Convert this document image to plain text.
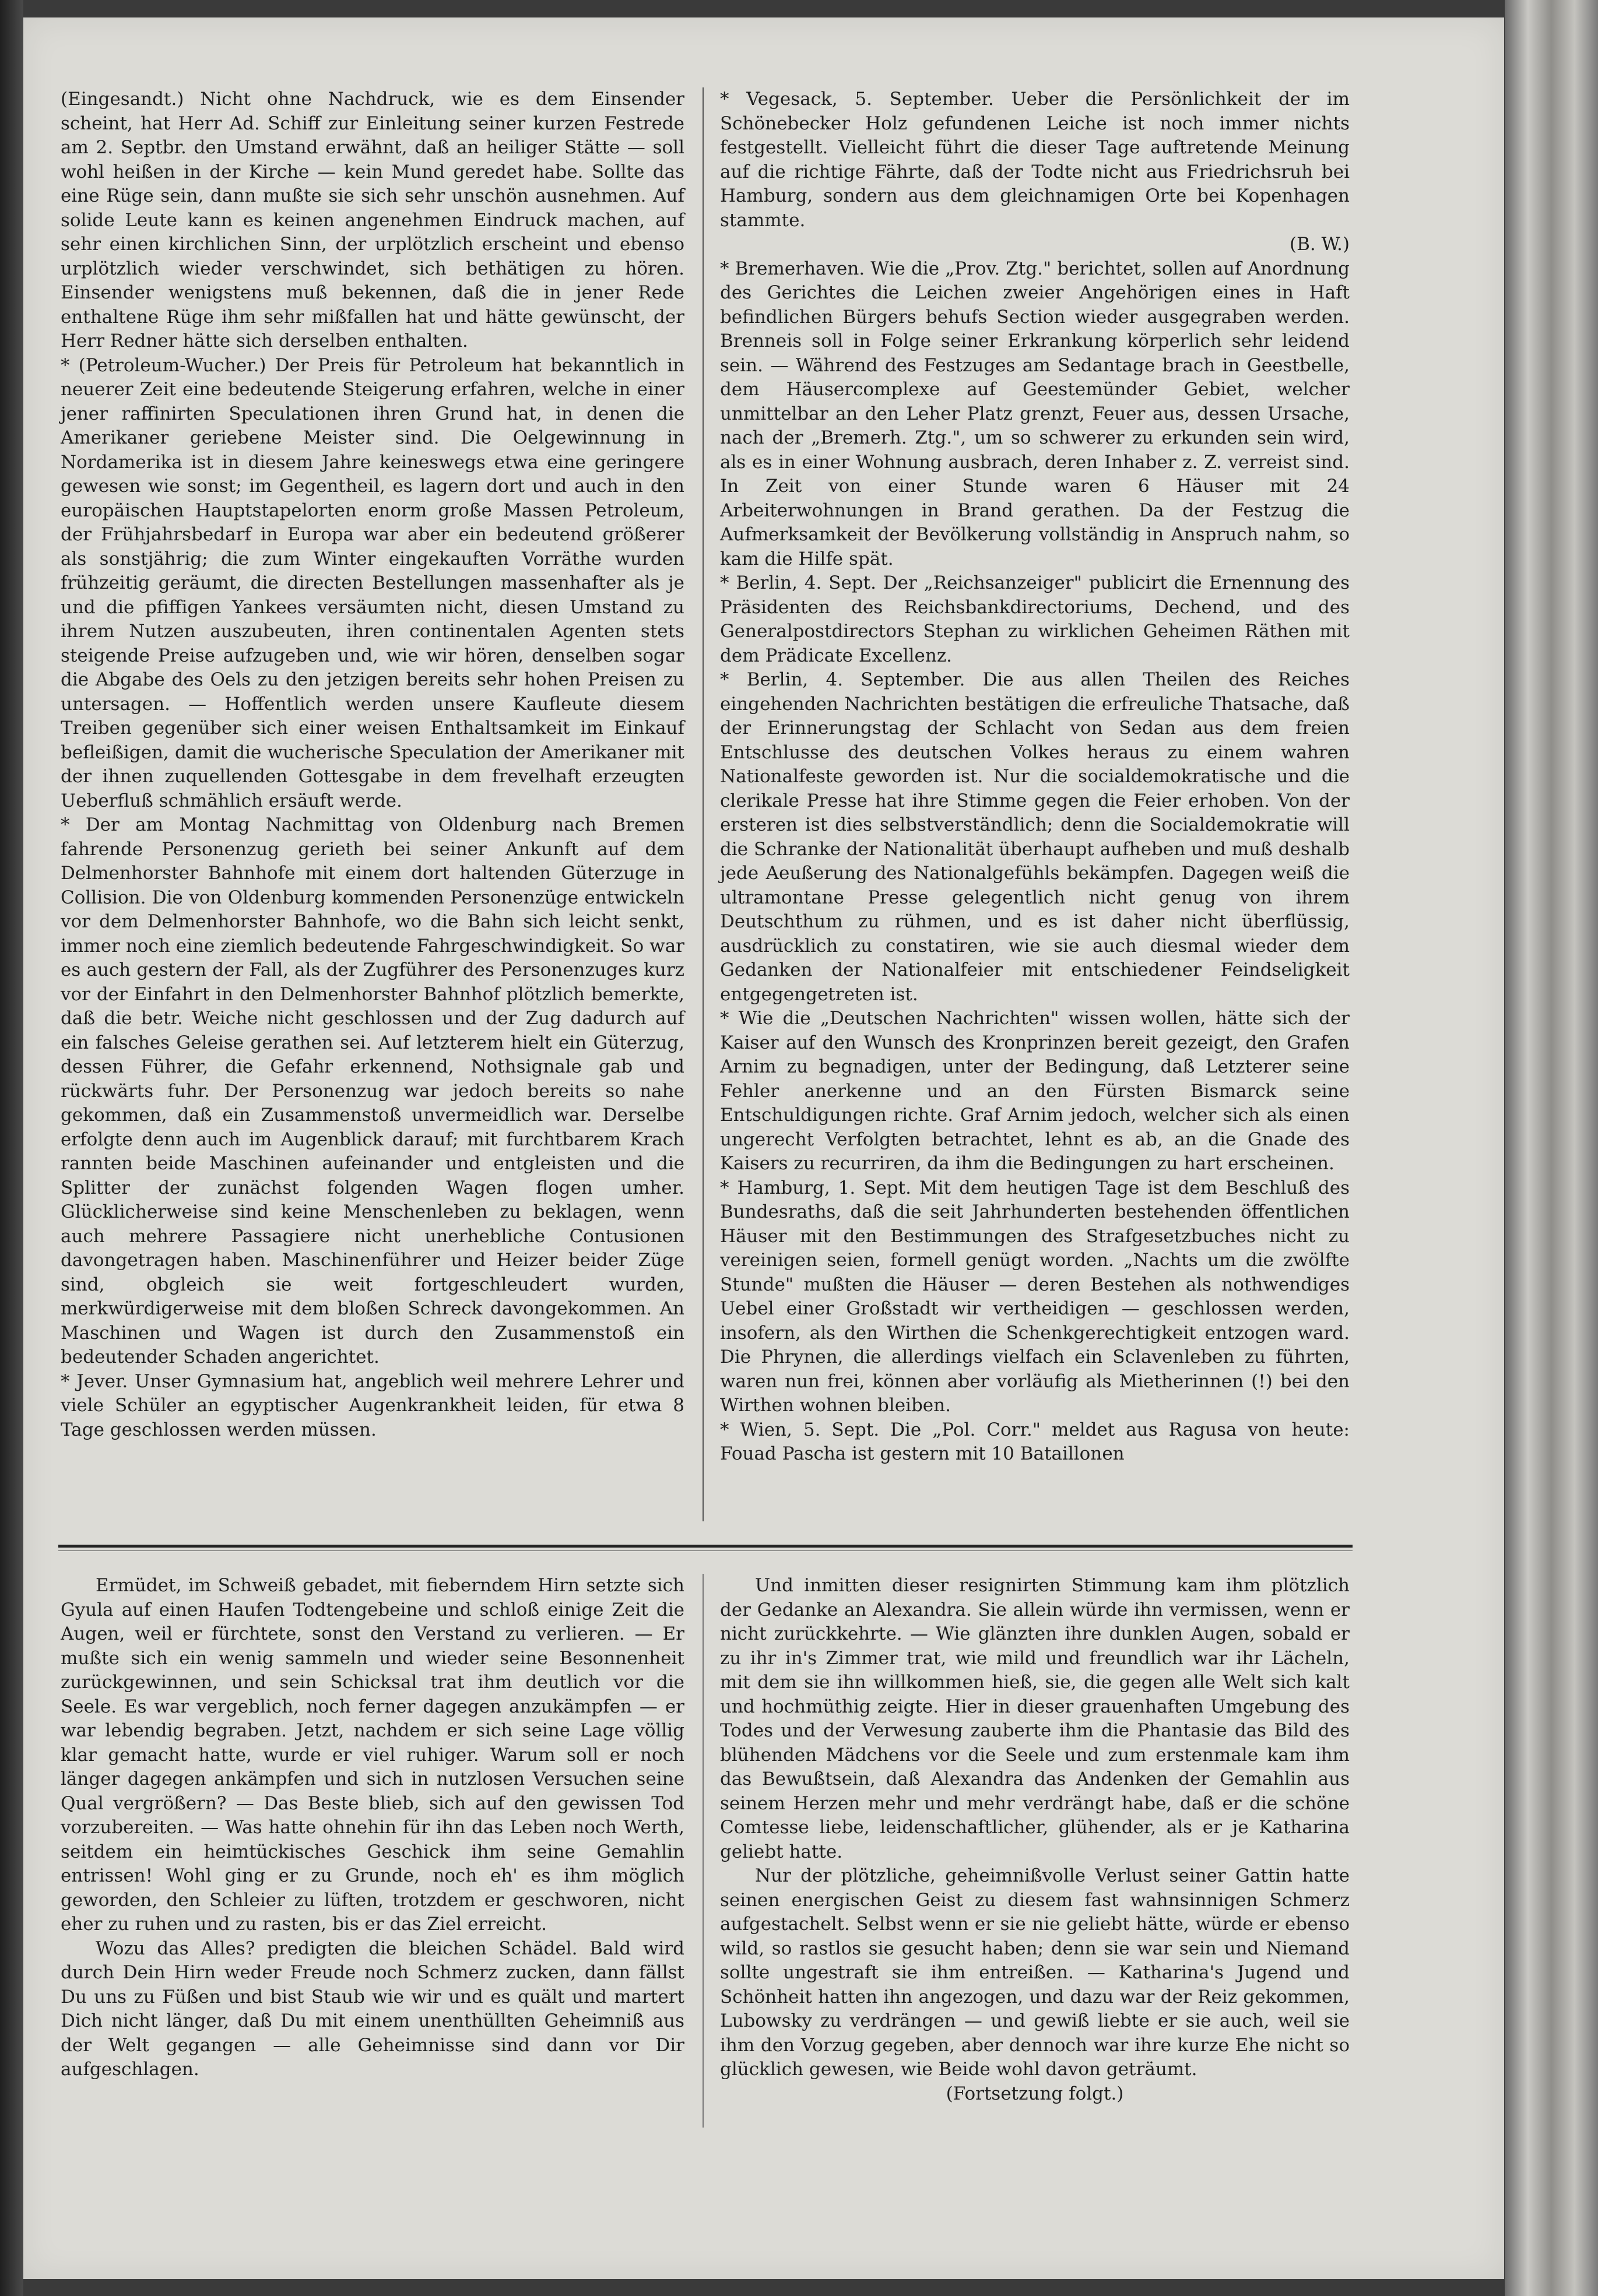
(Eingesandt.) Nicht ohne Nachdruck, wie es dem Einsender scheint, hat Herr Ad. Schiff zur Einleitung seiner kurzen Festrede am 2. Septbr. den Umstand erwähnt, daß an heiliger Stätte — soll wohl heißen in der Kirche — kein Mund geredet habe. Sollte das eine Rüge sein, dann mußte sie sich sehr unschön ausnehmen. Auf solide Leute kann es keinen angenehmen Eindruck machen, auf sehr einen kirchlichen Sinn, der urplötzlich erscheint und ebenso urplötzlich wieder verschwindet, sich bethätigen zu hören. Einsender wenigstens muß bekennen, daß die in jener Rede enthaltene Rüge ihm sehr mißfallen hat und hätte gewünscht, der Herr Redner hätte sich derselben enthalten.

* (Petroleum-Wucher.) Der Preis für Petroleum hat bekanntlich in neuerer Zeit eine bedeutende Steigerung erfahren, welche in einer jener raffinirten Speculationen ihren Grund hat, in denen die Amerikaner geriebene Meister sind. Die Oelgewinnung in Nordamerika ist in diesem Jahre keineswegs etwa eine geringere gewesen wie sonst; im Gegentheil, es lagern dort und auch in den europäischen Hauptstapelorten enorm große Massen Petroleum, der Frühjahrsbedarf in Europa war aber ein bedeutend größerer als sonstjährig; die zum Winter eingekauften Vorräthe wurden frühzeitig geräumt, die directen Bestellungen massenhafter als je und die pfiffigen Yankees versäumten nicht, diesen Umstand zu ihrem Nutzen auszubeuten, ihren continentalen Agenten stets steigende Preise aufzugeben und, wie wir hören, denselben sogar die Abgabe des Oels zu den jetzigen bereits sehr hohen Preisen zu untersagen. — Hoffentlich werden unsere Kaufleute diesem Treiben gegenüber sich einer weisen Enthaltsamkeit im Einkauf befleißigen, damit die wucherische Speculation der Amerikaner mit der ihnen zuquellenden Gottesgabe in dem frevelhaft erzeugten Ueberfluß schmählich ersäuft werde.

* Der am Montag Nachmittag von Oldenburg nach Bremen fahrende Personenzug gerieth bei seiner Ankunft auf dem Delmenhorster Bahnhofe mit einem dort haltenden Güterzuge in Collision. Die von Oldenburg kommenden Personenzüge entwickeln vor dem Delmenhorster Bahnhofe, wo die Bahn sich leicht senkt, immer noch eine ziemlich bedeutende Fahrgeschwindigkeit. So war es auch gestern der Fall, als der Zugführer des Personenzuges kurz vor der Einfahrt in den Delmenhorster Bahnhof plötzlich bemerkte, daß die betr. Weiche nicht geschlossen und der Zug dadurch auf ein falsches Geleise gerathen sei. Auf letzterem hielt ein Güterzug, dessen Führer, die Gefahr erkennend, Nothsignale gab und rückwärts fuhr. Der Personenzug war jedoch bereits so nahe gekommen, daß ein Zusammenstoß unvermeidlich war. Derselbe erfolgte denn auch im Augenblick darauf; mit furchtbarem Krach rannten beide Maschinen aufeinander und entgleisten und die Splitter der zunächst folgenden Wagen flogen umher. Glücklicherweise sind keine Menschenleben zu beklagen, wenn auch mehrere Passagiere nicht unerhebliche Contusionen davongetragen haben. Maschinenführer und Heizer beider Züge sind, obgleich sie weit fortgeschleudert wurden, merkwürdigerweise mit dem bloßen Schreck davongekommen. An Maschinen und Wagen ist durch den Zusammenstoß ein bedeutender Schaden angerichtet.

* Jever. Unser Gymnasium hat, angeblich weil mehrere Lehrer und viele Schüler an egyptischer Augenkrankheit leiden, für etwa 8 Tage geschlossen werden müssen.

* Vegesack, 5. September. Ueber die Persönlichkeit der im Schönebecker Holz gefundenen Leiche ist noch immer nichts festgestellt. Vielleicht führt die dieser Tage auftretende Meinung auf die richtige Fährte, daß der Todte nicht aus Friedrichsruh bei Hamburg, sondern aus dem gleichnamigen Orte bei Kopenhagen stammte.

(B. W.)

* Bremerhaven. Wie die „Prov. Ztg." berichtet, sollen auf Anordnung des Gerichtes die Leichen zweier Angehörigen eines in Haft befindlichen Bürgers behufs Section wieder ausgegraben werden. Brenneis soll in Folge seiner Erkrankung körperlich sehr leidend sein. — Während des Festzuges am Sedantage brach in Geestbelle, dem Häusercomplexe auf Geestemünder Gebiet, welcher unmittelbar an den Leher Platz grenzt, Feuer aus, dessen Ursache, nach der „Bremerh. Ztg.", um so schwerer zu erkunden sein wird, als es in einer Wohnung ausbrach, deren Inhaber z. Z. verreist sind. In Zeit von einer Stunde waren 6 Häuser mit 24 Arbeiterwohnungen in Brand gerathen. Da der Festzug die Aufmerksamkeit der Bevölkerung vollständig in Anspruch nahm, so kam die Hilfe spät.

* Berlin, 4. Sept. Der „Reichsanzeiger" publicirt die Ernennung des Präsidenten des Reichsbankdirectoriums, Dechend, und des Generalpostdirectors Stephan zu wirklichen Geheimen Räthen mit dem Prädicate Excellenz.

* Berlin, 4. September. Die aus allen Theilen des Reiches eingehenden Nachrichten bestätigen die erfreuliche Thatsache, daß der Erinnerungstag der Schlacht von Sedan aus dem freien Entschlusse des deutschen Volkes heraus zu einem wahren Nationalfeste geworden ist. Nur die socialdemokratische und die clerikale Presse hat ihre Stimme gegen die Feier erhoben. Von der ersteren ist dies selbstverständlich; denn die Socialdemokratie will die Schranke der Nationalität überhaupt aufheben und muß deshalb jede Aeußerung des Nationalgefühls bekämpfen. Dagegen weiß die ultramontane Presse gelegentlich nicht genug von ihrem Deutschthum zu rühmen, und es ist daher nicht überflüssig, ausdrücklich zu constatiren, wie sie auch diesmal wieder dem Gedanken der Nationalfeier mit entschiedener Feindseligkeit entgegengetreten ist.

* Wie die „Deutschen Nachrichten" wissen wollen, hätte sich der Kaiser auf den Wunsch des Kronprinzen bereit gezeigt, den Grafen Arnim zu begnadigen, unter der Bedingung, daß Letzterer seine Fehler anerkenne und an den Fürsten Bismarck seine Entschuldigungen richte. Graf Arnim jedoch, welcher sich als einen ungerecht Verfolgten betrachtet, lehnt es ab, an die Gnade des Kaisers zu recurriren, da ihm die Bedingungen zu hart erscheinen.

* Hamburg, 1. Sept. Mit dem heutigen Tage ist dem Beschluß des Bundesraths, daß die seit Jahrhunderten bestehenden öffentlichen Häuser mit den Bestimmungen des Strafgesetzbuches nicht zu vereinigen seien, formell genügt worden. „Nachts um die zwölfte Stunde" mußten die Häuser — deren Bestehen als nothwendiges Uebel einer Großstadt wir vertheidigen — geschlossen werden, insofern, als den Wirthen die Schenkgerechtigkeit entzogen ward. Die Phrynen, die allerdings vielfach ein Sclavenleben zu führten, waren nun frei, können aber vorläufig als Mietherinnen (!) bei den Wirthen wohnen bleiben.

* Wien, 5. Sept. Die „Pol. Corr." meldet aus Ragusa von heute: Fouad Pascha ist gestern mit 10 Bataillonen

Ermüdet, im Schweiß gebadet, mit fieberndem Hirn setzte sich Gyula auf einen Haufen Todtengebeine und schloß einige Zeit die Augen, weil er fürchtete, sonst den Verstand zu verlieren. — Er mußte sich ein wenig sammeln und wieder seine Besonnenheit zurückgewinnen, und sein Schicksal trat ihm deutlich vor die Seele. Es war vergeblich, noch ferner dagegen anzukämpfen — er war lebendig begraben. Jetzt, nachdem er sich seine Lage völlig klar gemacht hatte, wurde er viel ruhiger. Warum soll er noch länger dagegen ankämpfen und sich in nutzlosen Versuchen seine Qual vergrößern? — Das Beste blieb, sich auf den gewissen Tod vorzubereiten. — Was hatte ohnehin für ihn das Leben noch Werth, seitdem ein heimtückisches Geschick ihm seine Gemahlin entrissen! Wohl ging er zu Grunde, noch eh' es ihm möglich geworden, den Schleier zu lüften, trotzdem er geschworen, nicht eher zu ruhen und zu rasten, bis er das Ziel erreicht.

Wozu das Alles? predigten die bleichen Schädel. Bald wird durch Dein Hirn weder Freude noch Schmerz zucken, dann fällst Du uns zu Füßen und bist Staub wie wir und es quält und martert Dich nicht länger, daß Du mit einem unenthüllten Geheimniß aus der Welt gegangen — alle Geheimnisse sind dann vor Dir aufgeschlagen.

Und inmitten dieser resignirten Stimmung kam ihm plötzlich der Gedanke an Alexandra. Sie allein würde ihn vermissen, wenn er nicht zurückkehrte. — Wie glänzten ihre dunklen Augen, sobald er zu ihr in's Zimmer trat, wie mild und freundlich war ihr Lächeln, mit dem sie ihn willkommen hieß, sie, die gegen alle Welt sich kalt und hochmüthig zeigte. Hier in dieser grauenhaften Umgebung des Todes und der Verwesung zauberte ihm die Phantasie das Bild des blühenden Mädchens vor die Seele und zum erstenmale kam ihm das Bewußtsein, daß Alexandra das Andenken der Gemahlin aus seinem Herzen mehr und mehr verdrängt habe, daß er die schöne Comtesse liebe, leidenschaftlicher, glühender, als er je Katharina geliebt hatte.

Nur der plötzliche, geheimnißvolle Verlust seiner Gattin hatte seinen energischen Geist zu diesem fast wahnsinnigen Schmerz aufgestachelt. Selbst wenn er sie nie geliebt hätte, würde er ebenso wild, so rastlos sie gesucht haben; denn sie war sein und Niemand sollte ungestraft sie ihm entreißen. — Katharina's Jugend und Schönheit hatten ihn angezogen, und dazu war der Reiz gekommen, Lubowsky zu verdrängen — und gewiß liebte er sie auch, weil sie ihm den Vorzug gegeben, aber dennoch war ihre kurze Ehe nicht so glücklich gewesen, wie Beide wohl davon geträumt.

(Fortsetzung folgt.)
